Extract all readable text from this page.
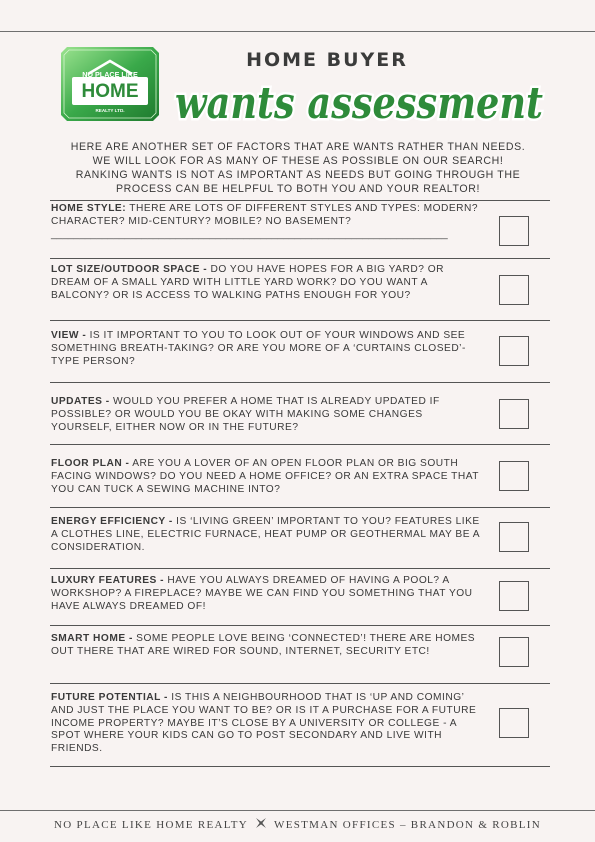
NO PLACE LIKE
HOME
REALTY LTD.
HOME BUYER
wants assessment

HERE ARE ANOTHER SET OF FACTORS THAT ARE WANTS RATHER THAN NEEDS.

WE WILL LOOK FOR AS MANY OF THESE AS POSSIBLE ON OUR SEARCH!

RANKING WANTS IS NOT AS IMPORTANT AS NEEDS BUT GOING THROUGH THE

PROCESS CAN BE HELPFUL TO BOTH YOU AND YOUR REALTOR!

HOME STYLE: THERE ARE LOTS OF DIFFERENT STYLES AND TYPES: MODERN? CHARACTER? MID-CENTURY? MOBILE? NO BASEMENT?
______________________________________________________________________
LOT SIZE/OUTDOOR SPACE - DO YOU HAVE HOPES FOR A BIG YARD? OR DREAM OF A SMALL YARD WITH LITTLE YARD WORK? DO YOU WANT A BALCONY? OR IS ACCESS TO WALKING PATHS ENOUGH FOR YOU?
VIEW - IS IT IMPORTANT TO YOU TO LOOK OUT OF YOUR WINDOWS AND SEE SOMETHING BREATH-TAKING? OR ARE YOU MORE OF A ‘CURTAINS CLOSED’-TYPE PERSON?
UPDATES - WOULD YOU PREFER A HOME THAT IS ALREADY UPDATED IF POSSIBLE? OR WOULD YOU BE OKAY WITH MAKING SOME CHANGES YOURSELF, EITHER NOW OR IN THE FUTURE?
FLOOR PLAN - ARE YOU A LOVER OF AN OPEN FLOOR PLAN OR BIG SOUTH FACING WINDOWS? DO YOU NEED A HOME OFFICE? OR AN EXTRA SPACE THAT YOU CAN TUCK A SEWING MACHINE INTO?
ENERGY EFFICIENCY - IS ‘LIVING GREEN’ IMPORTANT TO YOU? FEATURES LIKE A CLOTHES LINE, ELECTRIC FURNACE, HEAT PUMP OR GEOTHERMAL MAY BE A CONSIDERATION.
LUXURY FEATURES - HAVE YOU ALWAYS DREAMED OF HAVING A POOL? A WORKSHOP? A FIREPLACE? MAYBE WE CAN FIND YOU SOMETHING THAT YOU HAVE ALWAYS DREAMED OF!
SMART HOME - SOME PEOPLE LOVE BEING ‘CONNECTED’! THERE ARE HOMES OUT THERE THAT ARE WIRED FOR SOUND, INTERNET, SECURITY ETC!
FUTURE POTENTIAL - IS THIS A NEIGHBOURHOOD THAT IS ‘UP AND COMING’ AND JUST THE PLACE YOU WANT TO BE? OR IS IT A PURCHASE FOR A FUTURE INCOME PROPERTY? MAYBE IT’S CLOSE BY A UNIVERSITY OR COLLEGE - A SPOT WHERE YOUR KIDS CAN GO TO POST SECONDARY AND LIVE WITH FRIENDS.
NO PLACE LIKE HOME REALTY WESTMAN OFFICES – BRANDON & ROBLIN
